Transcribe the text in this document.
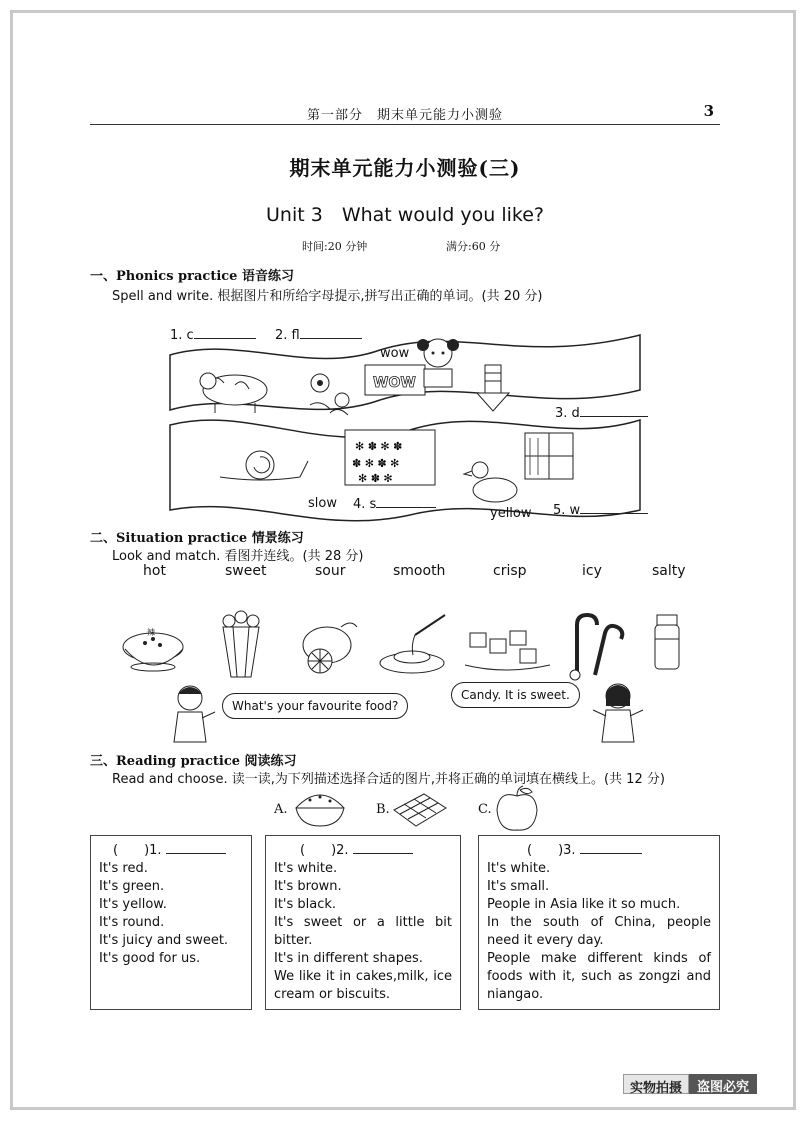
第一部分　期末单元能力小测验	3
期末单元能力小测验(三)
Unit 3　What would you like?
时间:20 分钟	满分:60 分
一、Phonics practice 语音练习
Spell and write. 根据图片和所给字母提示,拼写出正确的单词。(共 20 分)
WOW
wow
✻ ✽ ✻ ✽
✽ ✻ ✽ ✻
✻ ✽ ✻
slow
yellow
1. c	2. fl
3. d
4. s	5. w
二、Situation practice 情景练习
Look and match. 看图并连线。(共 28 分)
hot	sweet	sour	smooth	crisp	icy	salty
辣
What's your favourite food?
Candy. It is sweet.
三、Reading practice 阅读练习
Read and choose. 读一读,为下列描述选择合适的图片,并将正确的单词填在横线上。(共 12 分)
A.	B.	C.
(　　)1.
It's red.
It's green.
It's yellow.
It's round.
It's juicy and sweet.
It's good for us.
(　　)2.
It's white.
It's brown.
It's black.
It's sweet or a little bit bitter.
It's in different shapes.
We like it in cakes,milk, ice cream or biscuits.
(　　)3.
It's white.
It's small.
People in Asia like it so much.
In the south of China, people need it every day.
People make different kinds of foods with it, such as zongzi and niangao.
实物拍摄	盗图必究
